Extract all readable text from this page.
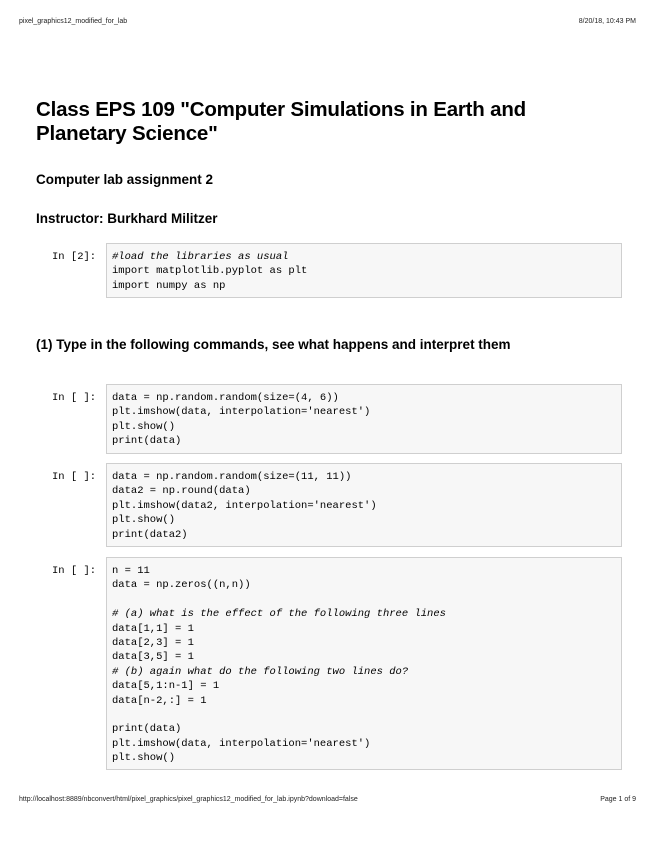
pixel_graphics12_modified_for_lab	8/20/18, 10:43 PM
Class EPS 109 "Computer Simulations in Earth and Planetary Science"
Computer lab assignment 2
Instructor: Burkhard Militzer
In [2]: #load the libraries as usual
import matplotlib.pyplot as plt
import numpy as np
(1) Type in the following commands, see what happens and interpret them
In [ ]: data = np.random.random(size=(4, 6))
plt.imshow(data, interpolation='nearest')
plt.show()
print(data)
In [ ]: data = np.random.random(size=(11, 11))
data2 = np.round(data)
plt.imshow(data2, interpolation='nearest')
plt.show()
print(data2)
In [ ]: n = 11
data = np.zeros((n,n))
# (a) what is the effect of the following three lines
data[1,1] = 1
data[2,3] = 1
data[3,5] = 1
# (b) again what do the following two lines do?
data[5,1:n-1] = 1
data[n-2,:] = 1
print(data)
plt.imshow(data, interpolation='nearest')
plt.show()
http://localhost:8889/nbconvert/html/pixel_graphics/pixel_graphics12_modified_for_lab.ipynb?download=false	Page 1 of 9
